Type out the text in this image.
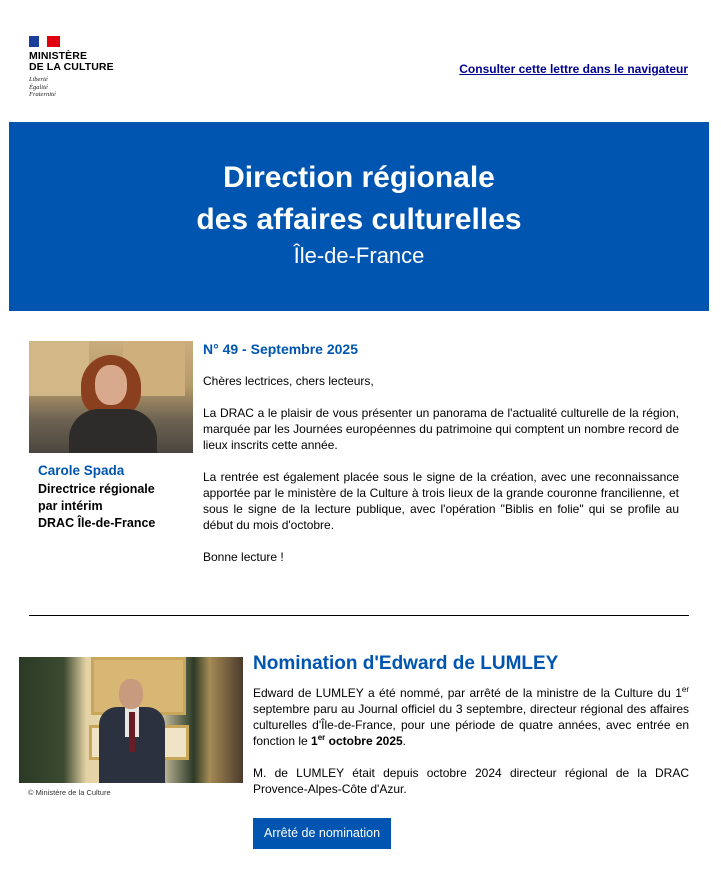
MINISTÈRE
DE LA CULTURE
Liberté
Égalité
Fraternité
Consulter cette lettre dans le navigateur
Direction régionale
des affaires culturelles
Île-de-France
Carole Spada
Directrice régionale
par intérim
DRAC Île-de-France
N° 49 - Septembre 2025

Chères lectrices, chers lecteurs,

La DRAC a le plaisir de vous présenter un panorama de l'actualité culturelle de la région, marquée par les Journées européennes du patrimoine qui comptent un nombre record de lieux inscrits cette année.

La rentrée est également placée sous le signe de la création, avec une reconnaissance apportée par le ministère de la Culture à trois lieux de la grande couronne francilienne, et sous le signe de la lecture publique, avec l'opération "Biblis en folie" qui se profile au début du mois d'octobre.

Bonne lecture !

© Ministère de la Culture
Nomination d'Edward de LUMLEY

Edward de LUMLEY a été nommé, par arrêté de la ministre de la Culture du 1er septembre paru au Journal officiel du 3 septembre, directeur régional des affaires culturelles d'Île-de-France, pour une période de quatre années, avec entrée en fonction le 1er octobre 2025.

M. de LUMLEY était depuis octobre 2024 directeur régional de la DRAC Provence-Alpes-Côte d'Azur.

Arrêté de nomination
